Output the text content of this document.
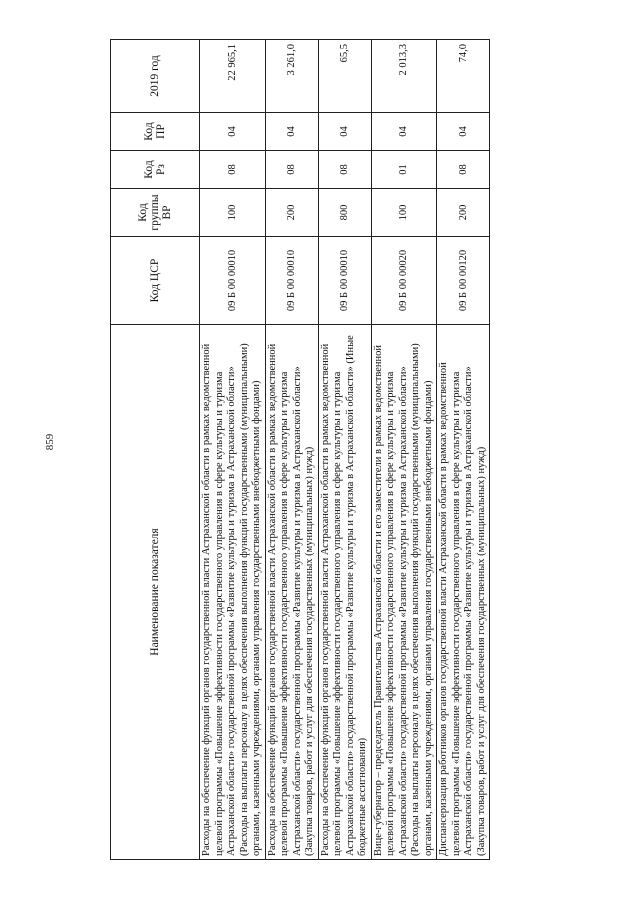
859
Наименование показателя	Код ЦСР	Код группы ВР	Код Рз	Код ПР	2019 год
Расходы на обеспечение функций органов государственной власти Астраханской области в рамках ведомственной целевой программы «Повышение эффективности государственного управления в сфере культуры и туризма Астраханской области» государственной программы «Развитие культуры и туризма в Астраханской области» (Расходы на выплаты персоналу в целях обеспечения выполнения функций государственными (муниципальными) органами, казенными учреждениями, органами управления государственными внебюджетными фондами)	09 Б 00 00010	100	08	04	22 965,1
Расходы на обеспечение функций органов государственной власти Астраханской области в рамках ведомственной целевой программы «Повышение эффективности государственного управления в сфере культуры и туризма Астраханской области» государственной программы «Развитие культуры и туризма в Астраханской области» (Закупка товаров, работ и услуг для обеспечения государственных (муниципальных) нужд)	09 Б 00 00010	200	08	04	3 261,0
Расходы на обеспечение функций органов государственной власти Астраханской области в рамках ведомственной целевой программы «Повышение эффективности государственного управления в сфере культуры и туризма Астраханской области» государственной программы «Развитие культуры и туризма в Астраханской области» (Иные бюджетные ассигнования)	09 Б 00 00010	800	08	04	65,5
Вице-губернатор – председатель Правительства Астраханской области и его заместители в рамках ведомственной целевой программы «Повышение эффективности государственного управления в сфере культуры и туризма Астраханской области» государственной программы «Развитие культуры и туризма в Астраханской области» (Расходы на выплаты персоналу в целях обеспечения выполнения функций государственными (муниципальными) органами, казенными учреждениями, органами управления государственными внебюджетными фондами)	09 Б 00 00020	100	01	04	2 013,3
Диспансеризация работников органов государственной власти Астраханской области в рамках ведомственной целевой программы «Повышение эффективности государственного управления в сфере культуры и туризма Астраханской области» государственной программы «Развитие культуры и туризма в Астраханской области» (Закупка товаров, работ и услуг для обеспечения государственных (муниципальных) нужд)	09 Б 00 00120	200	08	04	74,0
